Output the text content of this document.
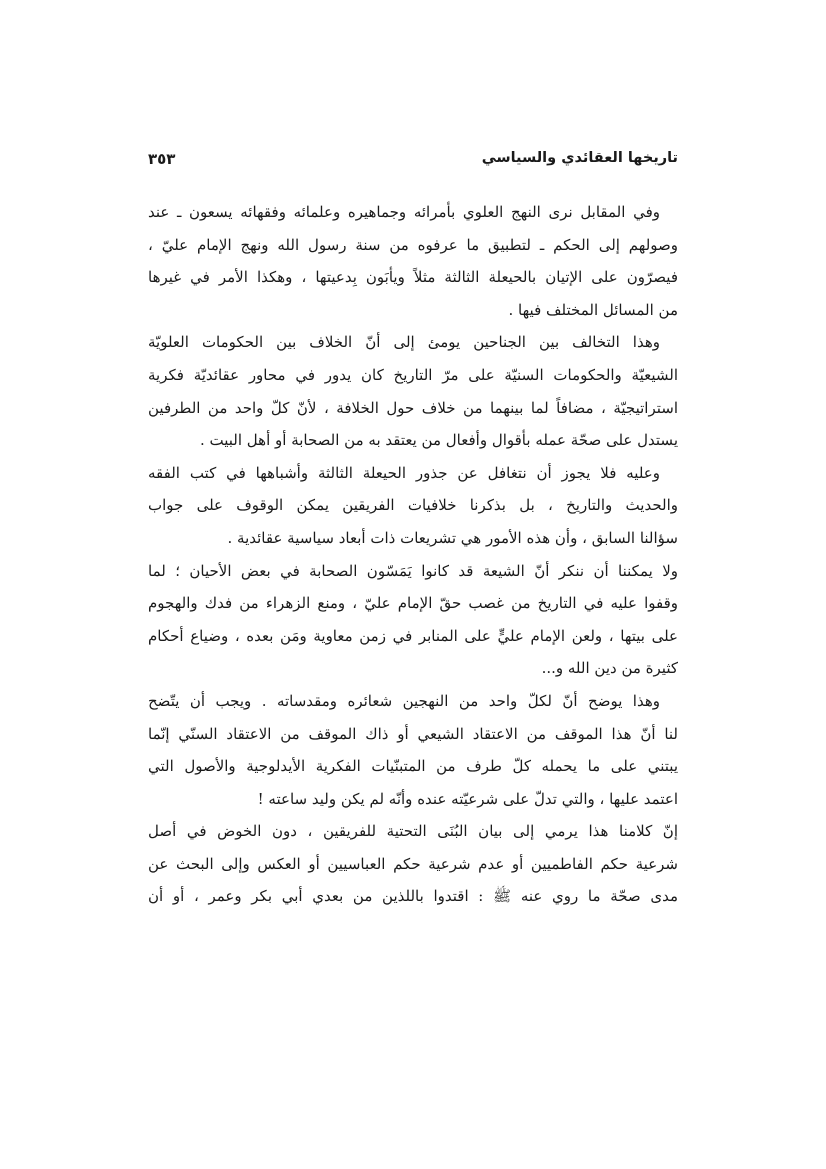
تاريخها العقائدي والسياسي
٣٥٣
وفي المقابل نرى النهج العلوي بأمرائه وجماهيره وعلمائه وفقهائه يسعون ـ عند
وصولهم إلى الحكم ـ لتطبيق ما عرفوه من سنة رسول الله ونهج الإمام عليّ ،
فيصرّون على الإتيان بالحيعلة الثالثة مثلاً ويأبَون بِدعيتها ، وهكذا الأمر في غيرها
من المسائل المختلف فيها .
وهذا التخالف بين الجناحين يومئ إلى أنّ الخلاف بين الحكومات العلويّة
الشيعيّة والحكومات السنيّة على مرّ التاريخ كان يدور في محاور عقائديّة فكرية
استراتيجيّة ، مضافاً لما بينهما من خلاف حول الخلافة ، لأنّ كلّ واحد من الطرفين
يستدل على صحّة عمله بأقوال وأفعال من يعتقد به من الصحابة أو أهل البيت .
وعليه فلا يجوز أن نتغافل عن جذور الحيعلة الثالثة وأشباهها في كتب الفقه
والحديث والتاريخ ، بل بذكرنا خلافيات الفريقين يمكن الوقوف على جواب
سؤالنا السابق ، وأن هذه الأمور هي تشريعات ذات أبعاد سياسية عقائدية .
ولا يمكننا أن ننكر أنّ الشيعة قد كانوا يَمَسّون الصحابة في بعض الأحيان ؛ لما
وقفوا عليه في التاريخ من غصب حقّ الإمام عليّ ، ومنع الزهراء من فدك والهجوم
على بيتها ، ولعن الإمام عليٍّ على المنابر في زمن معاوية ومَن بعده ، وضياع أحكام
كثيرة من دين الله و...
وهذا يوضح أنّ لكلّ واحد من النهجين شعائره ومقدساته . ويجب أن يتّضح
لنا أنّ هذا الموقف من الاعتقاد الشيعي أو ذاك الموقف من الاعتقاد السنّي إنّما
يبتني على ما يحمله كلّ طرف من المتبنّيات الفكرية الأيدلوجية والأصول التي
اعتمد عليها ، والتي تدلّ على شرعيّته عنده وأنّه لم يكن وليد ساعته !
إنّ كلامنا هذا يرمي إلى بيان البُنَى التحتية للفريقين ، دون الخوض في أصل
شرعية حكم الفاطميين أو عدم شرعية حكم العباسيين أو العكس وإلى البحث عن
مدى صحّة ما روي عنه ﷺ : اقتدوا باللذين من بعدي أبي بكر وعمر ، أو أن
